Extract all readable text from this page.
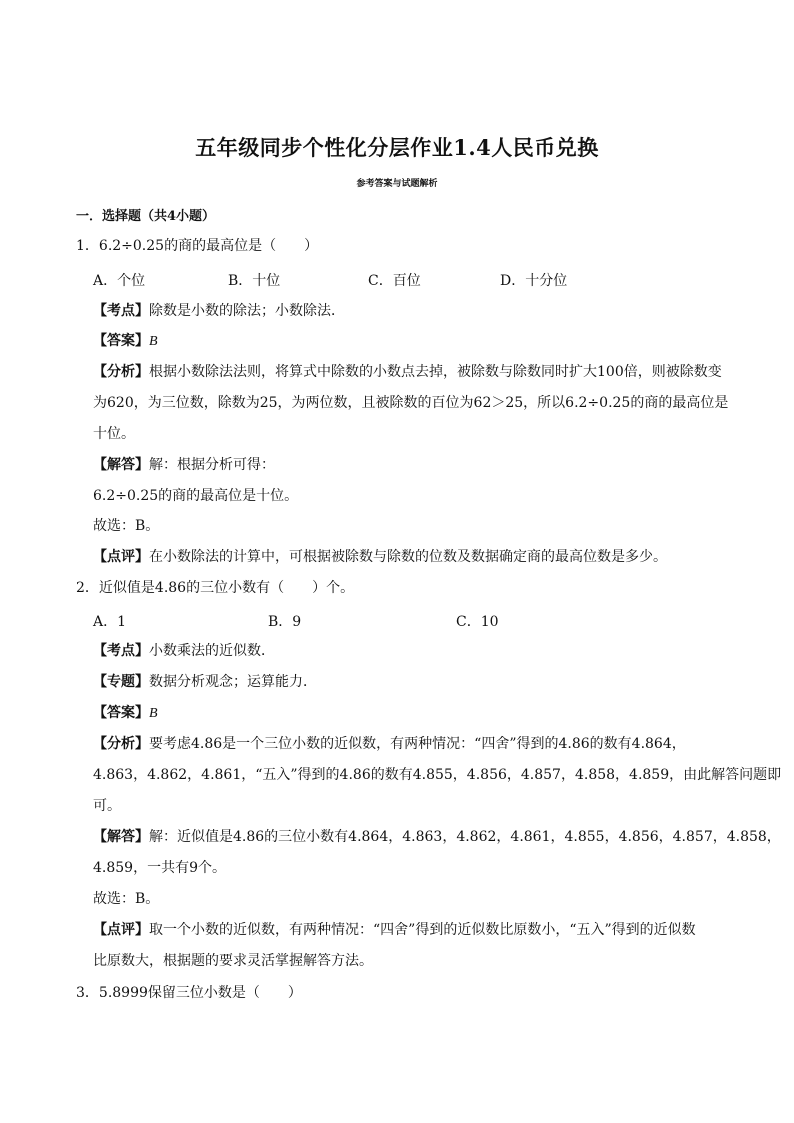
五年级同步个性化分层作业1.4人民币兑换
参考答案与试题解析
一．选择题（共4小题）
1．6.2÷0.25的商的最高位是（　　）
A．个位	B．十位	C．百位	D．十分位
【考点】除数是小数的除法；小数除法．
【答案】B
【分析】根据小数除法法则，将算式中除数的小数点去掉，被除数与除数同时扩大100倍，则被除数变
为620，为三位数，除数为25，为两位数，且被除数的百位为62＞25，所以6.2÷0.25的商的最高位是
十位。
【解答】解：根据分析可得：
6.2÷0.25的商的最高位是十位。
故选：B。
【点评】在小数除法的计算中，可根据被除数与除数的位数及数据确定商的最高位数是多少。
2．近似值是4.86的三位小数有（　　）个。
A．1	B．9	C．10
【考点】小数乘法的近似数．
【专题】数据分析观念；运算能力．
【答案】B
【分析】要考虑4.86是一个三位小数的近似数，有两种情况：“四舍”得到的4.86的数有4.864，
4.863，4.862，4.861，“五入”得到的4.86的数有4.855，4.856，4.857，4.858，4.859，由此解答问题即
可。
【解答】解：近似值是4.86的三位小数有4.864，4.863，4.862，4.861，4.855，4.856，4.857，4.858，
4.859，一共有9个。
故选：B。
【点评】取一个小数的近似数，有两种情况：“四舍”得到的近似数比原数小，“五入”得到的近似数
比原数大，根据题的要求灵活掌握解答方法。
3．5.8999保留三位小数是（　　）
